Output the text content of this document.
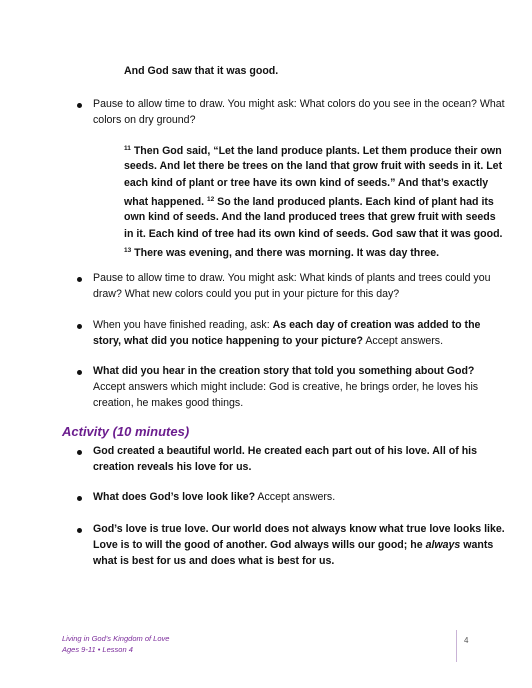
And God saw that it was good.
Pause to allow time to draw. You might ask: What colors do you see in the ocean? What
colors on dry ground?
$^{11}$ Then God said, “Let the land produce plants. Let them produce their own
seeds. And let there be trees on the land that grow fruit with seeds in it. Let
each kind of plant or tree have its own kind of seeds.” And that’s exactly
what happened. $^{12}$ So the land produced plants. Each kind of plant had its
own kind of seeds. And the land produced trees that grew fruit with seeds
in it. Each kind of tree had its own kind of seeds. God saw that it was good.
$^{13}$ There was evening, and there was morning. It was day three.
Pause to allow time to draw. You might ask: What kinds of plants and trees could you
draw? What new colors could you put in your picture for this day?
When you have finished reading, ask: As each day of creation was added to the
story, what did you notice happening to your picture? Accept answers.
What did you hear in the creation story that told you something about God?
Accept answers which might include: God is creative, he brings order, he loves his
creation, he makes good things.
Activity (10 minutes)
God created a beautiful world. He created each part out of his love. All of his
creation reveals his love for us.
What does God’s love look like? Accept answers.
God’s love is true love. Our world does not always know what true love looks like.
Love is to will the good of another. God always wills our good; he always wants
what is best for us and does what is best for us.
Living in God’s Kingdom of Love
Ages 9-11 • Lesson 4
4
